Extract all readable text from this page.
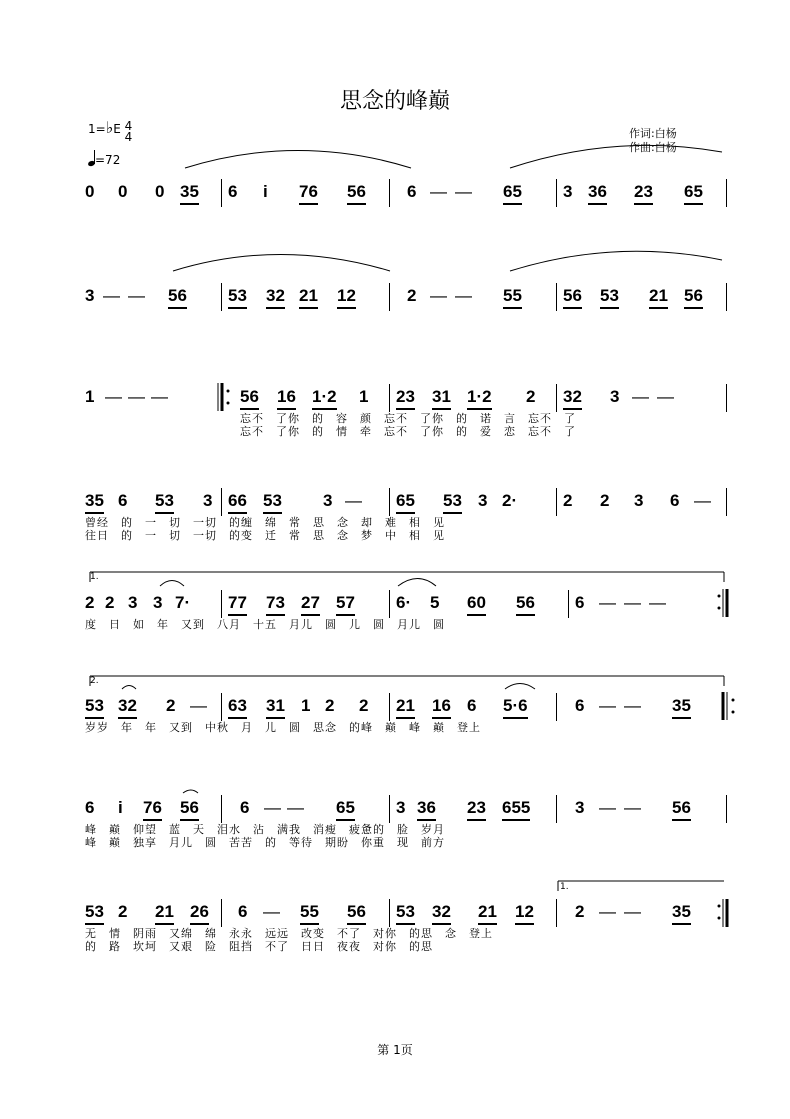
思念的峰巅
作词:白杨
作曲:白杨
1=♭E 4
4
=72
0 0 0 35 6 i 76 56 6 — — 65 3 36 23 65
3 — — 56 53 32 21 12	2 — — 55 56 53 21 56
1 — — —	56 16 1·2 1 23 31 1·2 2 32 3 — —
忘不　了你　的　容　颜　忘不　了你　的　诺　言　忘不　了
忘不　了你　的　情　牵　忘不　了你　的　爱　恋　忘不　了
35 6 53 3 66 53 3 — 65 53 3 2·	2 2 3 6 —
曾经　的　一　切　一切　的缠　绵　常　思　念　却　难　相　见
往日　的　一　切　一切　的变　迁　常　思　念　梦　中　相　见
2 2 3 3 7· 77 73 27 57 6· 5 60 56 6 — — —
度　日　如　年　又到　八月　十五　月儿　圆　儿　圆　月儿　圆
53 32 2 — 63 31 1 2 2 21 16 6 5·6	6 — — 35
岁岁　年　年　又到　中秋　月　儿　圆　思念　的峰　巅　峰　巅　登上
6 i 76 56 6 — — 65 3 36 23 655	3 — — 56
峰　巅　仰望　蓝　天　泪水　沾　满我　消瘦　疲惫的　脸　岁月
峰　巅　独享　月儿　圆　苦苦　的　等待　期盼　你重　现　前方
53 2 21 26 6 — 55 56 53 32 21 12 2 — — 35
无　情　阴雨　又绵　绵　永永　远远　改变　不了　对你　的思　念　登上
的　路　坎坷　又艰　险　阻挡　不了　日日　夜夜　对你　的思
1.
2.
1.
第 1页
